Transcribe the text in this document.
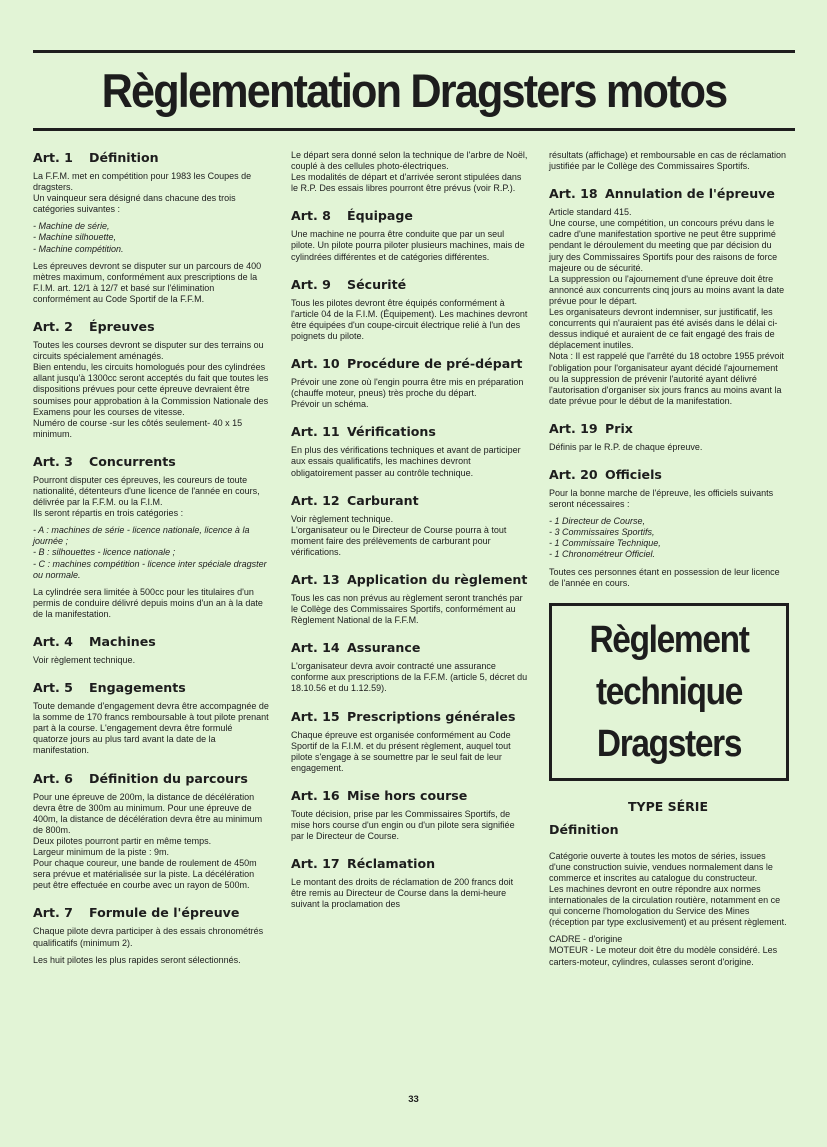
Règlementation Dragsters motos
Art. 1 Définition

La F.F.M. met en compétition pour 1983 les Coupes de dragsters.
Un vainqueur sera désigné dans chacune des trois catégories suivantes :

- Machine de série,
- Machine silhouette,
- Machine compétition.

Les épreuves devront se disputer sur un parcours de 400 mètres maximum, conformément aux prescriptions de la F.I.M. art. 12/1 à 12/7 et basé sur l'élimination conformément au Code Sportif de la F.F.M.

Art. 2 Épreuves

Toutes les courses devront se disputer sur des terrains ou circuits spécialement aménagés.
Bien entendu, les circuits homologués pour des cylindrées allant jusqu'à 1300cc seront acceptés du fait que toutes les dispositions prévues pour cette épreuve devraient être soumises pour approbation à la Commission Nationale des Examens pour les courses de vitesse.
Numéro de course -sur les côtés seulement- 40 x 15 minimum.

Art. 3 Concurrents

Pourront disputer ces épreuves, les coureurs de toute nationalité, détenteurs d'une licence de l'année en cours, délivrée par la F.F.M. ou la F.I.M.
Ils seront répartis en trois catégories :

- A : machines de série - licence nationale, licence à la journée ;
- B : silhouettes - licence nationale ;
- C : machines compétition - licence inter spéciale dragster ou normale.

La cylindrée sera limitée à 500cc pour les titulaires d'un permis de conduire délivré depuis moins d'un an à la date de la manifestation.

Art. 4 Machines

Voir règlement technique.

Art. 5 Engagements

Toute demande d'engagement devra être accompagnée de la somme de 170 francs remboursable à tout pilote prenant part à la course. L'engagement devra être formulé quatorze jours au plus tard avant la date de la manifestation.

Art. 6 Définition du parcours

Pour une épreuve de 200m, la distance de décélération devra être de 300m au minimum. Pour une épreuve de 400m, la distance de décélération devra être au minimum de 800m.
Deux pilotes pourront partir en même temps.
Largeur minimum de la piste : 9m.
Pour chaque coureur, une bande de roulement de 450m sera prévue et matérialisée sur la piste. La décélération peut être effectuée en courbe avec un rayon de 500m.

Art. 7 Formule de l'épreuve

Chaque pilote devra participer à des essais chronométrés qualificatifs (minimum 2).

Les huit pilotes les plus rapides seront sélectionnés.

Le départ sera donné selon la technique de l'arbre de Noël, couplé à des cellules photo-électriques.
Les modalités de départ et d'arrivée seront stipulées dans le R.P. Des essais libres pourront être prévus (voir R.P.).

Art. 8 Équipage

Une machine ne pourra être conduite que par un seul pilote. Un pilote pourra piloter plusieurs machines, mais de cylindrées différentes et de catégories différentes.

Art. 9 Sécurité

Tous les pilotes devront être équipés conformément à l'article 04 de la F.I.M. (Équipement). Les machines devront être équipées d'un coupe-circuit électrique relié à l'un des poignets du pilote.

Art. 10 Procédure de pré-départ

Prévoir une zone où l'engin pourra être mis en préparation (chauffe moteur, pneus) très proche du départ.
Prévoir un schéma.

Art. 11 Vérifications

En plus des vérifications techniques et avant de participer aux essais qualificatifs, les machines devront obligatoirement passer au contrôle technique.

Art. 12 Carburant

Voir règlement technique.
L'organisateur ou le Directeur de Course pourra à tout moment faire des prélèvements de carburant pour vérifications.

Art. 13 Application du règlement

Tous les cas non prévus au règlement seront tranchés par le Collège des Commissaires Sportifs, conformément au Règlement National de la F.F.M.

Art. 14 Assurance

L'organisateur devra avoir contracté une assurance conforme aux prescriptions de la F.F.M. (article 5, décret du 18.10.56 et du 1.12.59).

Art. 15 Prescriptions générales

Chaque épreuve est organisée conformément au Code Sportif de la F.I.M. et du présent règlement, auquel tout pilote s'engage à se soumettre par le seul fait de leur engagement.

Art. 16 Mise hors course

Toute décision, prise par les Commissaires Sportifs, de mise hors course d'un engin ou d'un pilote sera signifiée par le Directeur de Course.

Art. 17 Réclamation

Le montant des droits de réclamation de 200 francs doit être remis au Directeur de Course dans la demi-heure suivant la proclamation des

résultats (affichage) et remboursable en cas de réclamation justifiée par le Collège des Commissaires Sportifs.

Art. 18 Annulation de l'épreuve

Article standard 415.
Une course, une compétition, un concours prévu dans le cadre d'une manifestation sportive ne peut être supprimé pendant le déroulement du meeting que par décision du jury des Commissaires Sportifs pour des raisons de force majeure ou de sécurité.
La suppression ou l'ajournement d'une épreuve doit être annoncé aux concurrents cinq jours au moins avant la date prévue pour le départ.
Les organisateurs devront indemniser, sur justificatif, les concurrents qui n'auraient pas été avisés dans le délai ci-dessus indiqué et auraient de ce fait engagé des frais de déplacement inutiles.
Nota : Il est rappelé que l'arrêté du 18 octobre 1955 prévoit l'obligation pour l'organisateur ayant décidé l'ajournement ou la suppression de prévenir l'autorité ayant délivré l'autorisation d'organiser six jours francs au moins avant la date prévue pour le début de la manifestation.

Art. 19 Prix

Définis par le R.P. de chaque épreuve.

Art. 20 Officiels

Pour la bonne marche de l'épreuve, les officiels suivants seront nécessaires :

- 1 Directeur de Course,
- 3 Commissaires Sportifs,
- 1 Commissaire Technique,
- 1 Chronométreur Officiel.

Toutes ces personnes étant en possession de leur licence de l'année en cours.

Règlement
technique
Dragsters
TYPE SÉRIE
Définition

Catégorie ouverte à toutes les motos de séries, issues d'une construction suivie, vendues normalement dans le commerce et inscrites au catalogue du constructeur.
Les machines devront en outre répondre aux normes internationales de la circulation routière, notamment en ce qui concerne l'homologation du Service des Mines (réception par type exclusivement) et au présent règlement.

CADRE - d'origine
MOTEUR - Le moteur doit être du modèle considéré. Les carters-moteur, cylindres, culasses seront d'origine.

33
